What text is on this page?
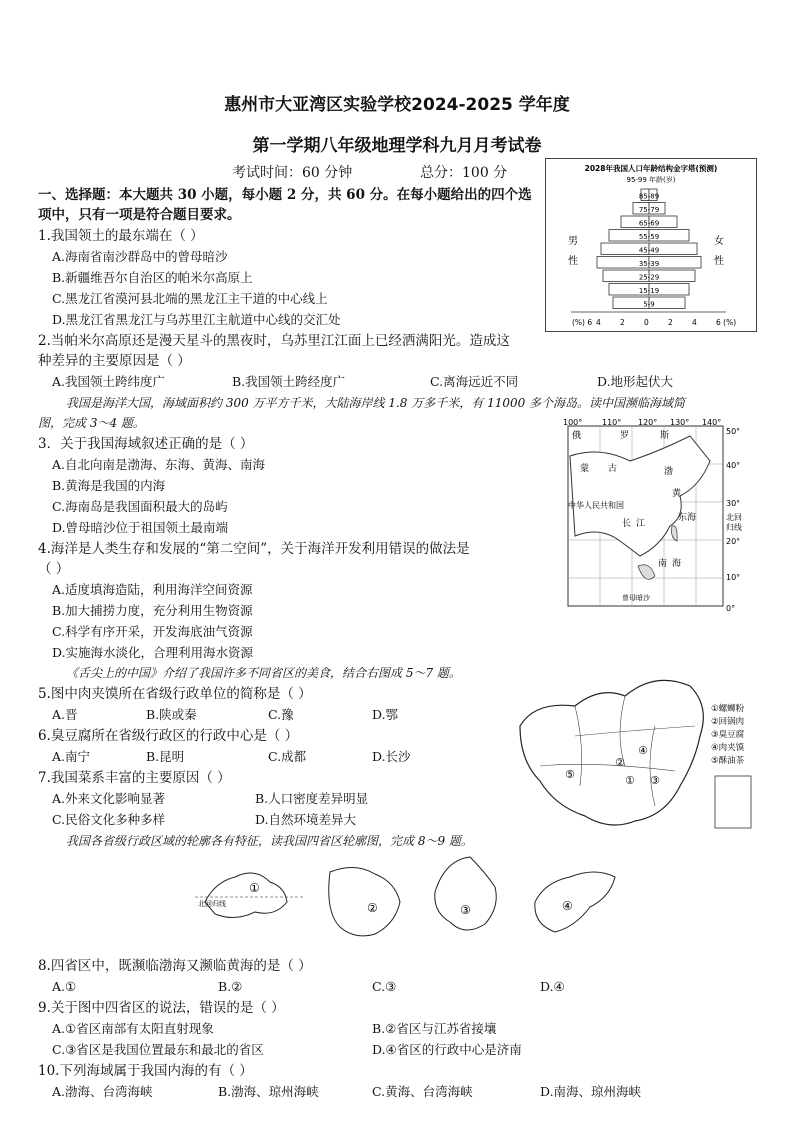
惠州市大亚湾区实验学校2024-2025 学年度
第一学期八年级地理学科九月月考试卷
考试时间：60 分钟	总分：100 分
一、选择题：本大题共 30 小题，每小题 2 分，共 60 分。在每小题给出的四个选
项中，只有一项是符合题目要求。
1.我国领土的最东端在（ ）
A.海南省南沙群岛中的曾母暗沙
B.新疆维吾尔自治区的帕米尔高原上
C.黑龙江省漠河县北端的黑龙江主干道的中心线上
D.黑龙江省黑龙江与乌苏里江主航道中心线的交汇处
2.当帕米尔高原还是漫天星斗的黑夜时，乌苏里江江面上已经洒满阳光。造成这
种差异的主要原因是（ ）
A.我国领土跨纬度广	B.我国领土跨经度广	C.离海远近不同	D.地形起伏大
我国是海洋大国，海域面积约 300 万平方千米，大陆海岸线 1.8 万多千米，有 11000 多个海岛。读中国濒临海域简
图，完成 3～4 题。
3．关于我国海域叙述正确的是（ ）
A.自北向南是渤海、东海、黄海、南海
B.黄海是我国的内海
C.海南岛是我国面积最大的岛屿
D.曾母暗沙位于祖国领土最南端
4.海洋是人类生存和发展的“第二空间”，关于海洋开发利用错误的做法是
（ ）
A.适度填海造陆，利用海洋空间资源
B.加大捕捞力度，充分利用生物资源
C.科学有序开采，开发海底油气资源
D.实施海水淡化，合理利用海水资源
《舌尖上的中国》介绍了我国许多不同省区的美食，结合右图成 5～7 题。
5.图中肉夹馍所在省级行政单位的简称是（ ）
A.晋	B.陕或秦	C.豫	D.鄂
6.臭豆腐所在省级行政区的行政中心是（ ）
A.南宁	B.昆明	C.成都	D.长沙
7.我国菜系丰富的主要原因（ ）
A.外来文化影响显著	B.人口密度差异明显
C.民俗文化多种多样	D.自然环境差异大
我国各省级行政区域的轮廓各有特征，读我国四省区轮廓图，完成 8～9 题。
8.四省区中，既濒临渤海又濒临黄海的是（ ）
A.①	B.②	C.③	D.④
9.关于图中四省区的说法，错误的是（ ）
A.①省区南部有太阳直射现象	B.②省区与江苏省接壤
C.③省区是我国位置最东和最北的省区	D.④省区的行政中心是济南
10.下列海域属于我国内海的有（ ）
A.渤海、台湾海峡	B.渤海、琼州海峡	C.黄海、台湾海峡	D.南海、琼州海峡
2028年我国人口年龄结构金字塔(预测)
95-99 年龄(岁)
男
性
女
性
85-89
75-79
65-69
55-59
45-49
35-39
25-29
15-19
5-9
(%) 6 4	2	0	2	4	6 (%)
100° 110° 120° 130° 140°
50°
40°
30°
北回
归线
20°
10°
0°
俄	罗	斯
蒙 古
中华人民共和国
长 江
东海
黄
渤
南 海
曾母暗沙
①
②
③
④
⑤
①螺蛳粉
②回锅肉
③臭豆腐
④肉夹馍
⑤酥油茶
①
北回归线	②	③	④
